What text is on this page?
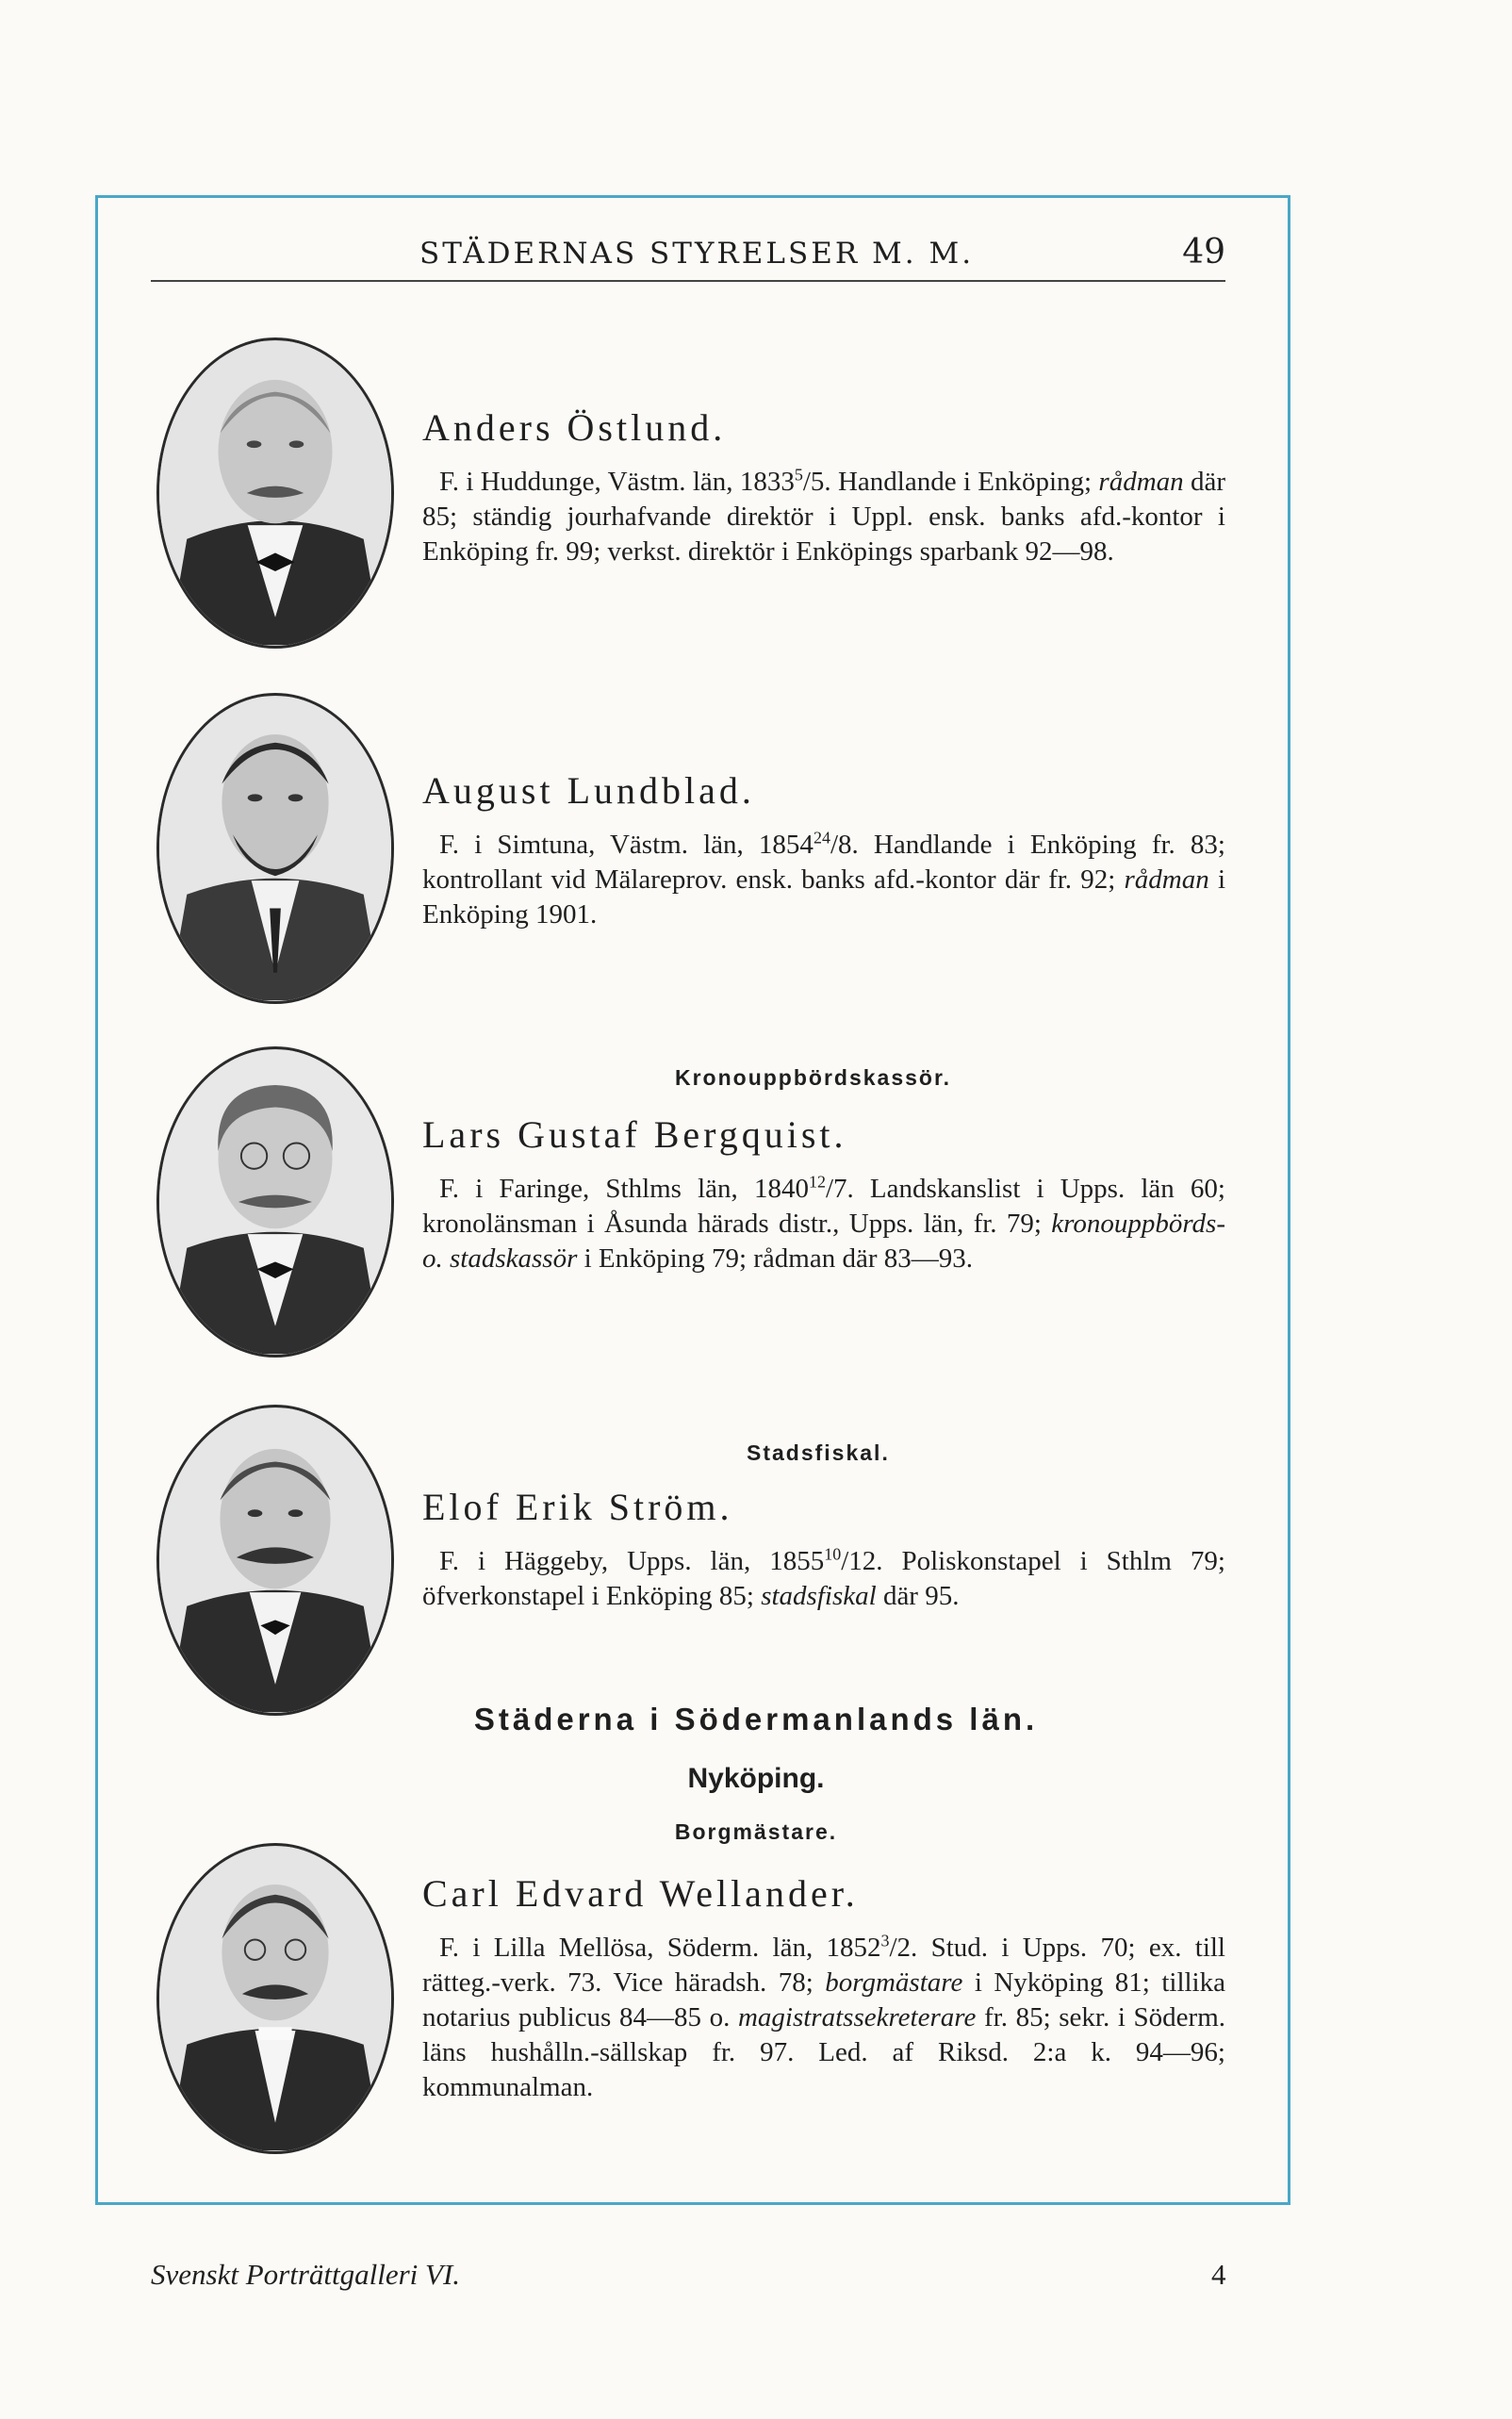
STÄDERNAS STYRELSER M. M.	49
Anders Östlund.

F. i Huddunge, Västm. län, 1833$^5$/5. Handlande i Enköping; rådman där 85; ständig jourhafvande direktör i Uppl. ensk. banks afd.-kontor i Enköping fr. 99; verkst. direktör i Enköpings sparbank 92—98.

August Lundblad.

F. i Simtuna, Västm. län, 1854$^{24}$/8. Handlande i Enköping fr. 83; kontrollant vid Mälareprov. ensk. banks afd.-kontor där fr. 92; rådman i Enköping 1901.

Kronouppbördskassör.
Lars Gustaf Bergquist.

F. i Faringe, Sthlms län, 1840$^{12}$/7. Landskanslist i Upps. län 60; kronolänsman i Åsunda härads distr., Upps. län, fr. 79; kronouppbörds- o. stadskassör i Enköping 79; rådman där 83—93.

Stadsfiskal.
Elof Erik Ström.

F. i Häggeby, Upps. län, 1855$^{10}$/12. Poliskonstapel i Sthlm 79; öfverkonstapel i Enköping 85; stadsfiskal där 95.

Städerna i Södermanlands län.
Nyköping.
Borgmästare.
Carl Edvard Wellander.

F. i Lilla Mellösa, Söderm. län, 1852$^3$/2. Stud. i Upps. 70; ex. till rätteg.-verk. 73. Vice häradsh. 78; borgmästare i Nyköping 81; tillika notarius publicus 84—85 o. magistratssekreterare fr. 85; sekr. i Söderm. läns hushålln.-sällskap fr. 97. Led. af Riksd. 2:a k. 94—96; kommunalman.

Svenskt Porträttgalleri VI.	4
